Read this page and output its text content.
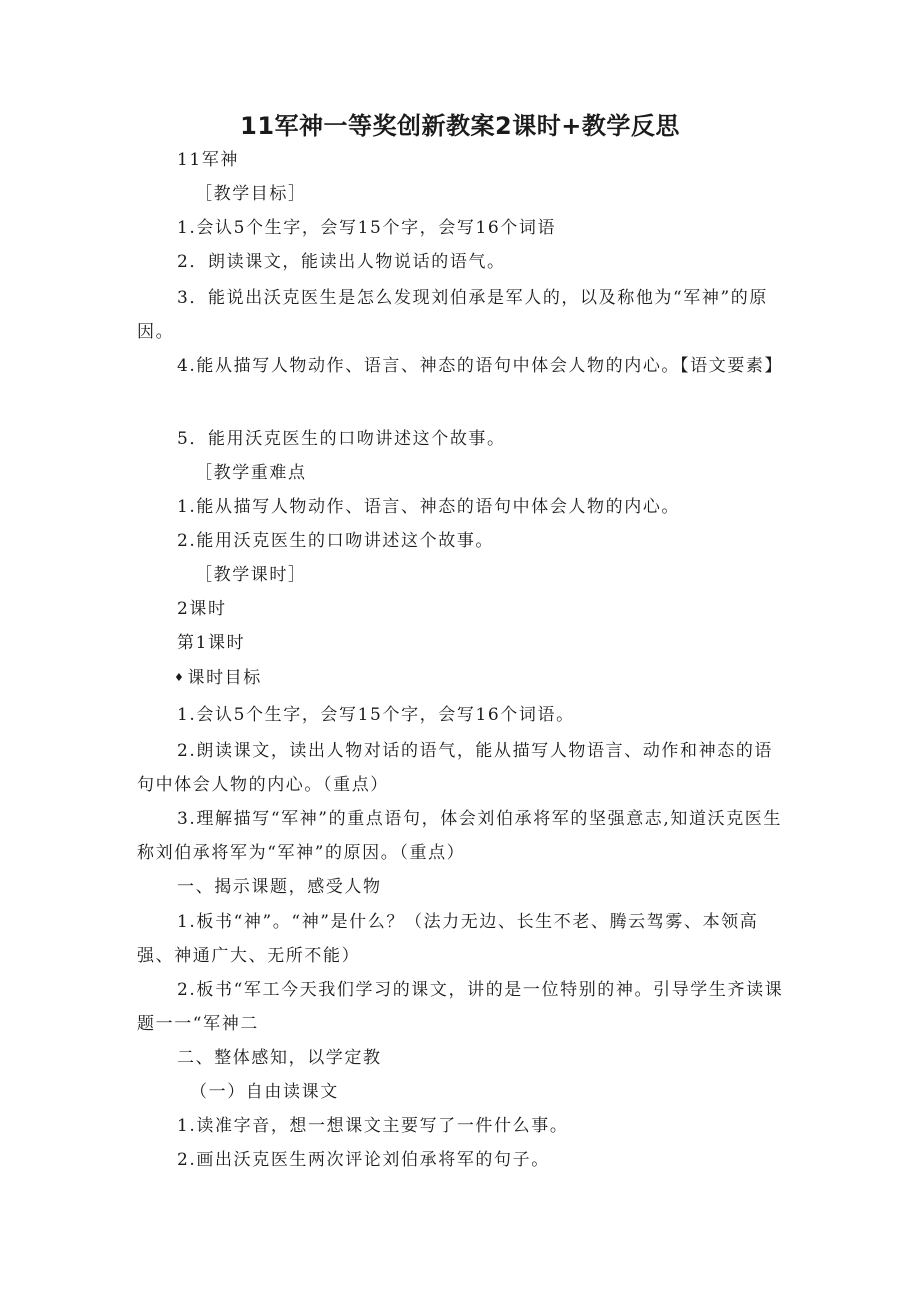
11军神一等奖创新教案2课时+教学反思
11军神
［教学目标］
1.会认5个生字，会写15个字，会写16个词语
2．朗读课文，能读出人物说话的语气。
3．能说出沃克医生是怎么发现刘伯承是军人的，以及称他为“军神”的原因。
4.能从描写人物动作、语言、神态的语句中体会人物的内心。【语文要素】
5．能用沃克医生的口吻讲述这个故事。
［教学重难点
1.能从描写人物动作、语言、神态的语句中体会人物的内心。
2.能用沃克医生的口吻讲述这个故事。
［教学课时］
2课时
第1课时
♦ 课时目标
1.会认5个生字，会写15个字，会写16个词语。
2.朗读课文，读出人物对话的语气，能从描写人物语言、动作和神态的语句中体会人物的内心。（重点）
3.理解描写“军神”的重点语句，体会刘伯承将军的坚强意志,知道沃克医生称刘伯承将军为“军神”的原因。（重点）
一、揭示课题，感受人物
1.板书“神”。“神”是什么？（法力无边、长生不老、腾云驾雾、本领高强、神通广大、无所不能）
2.板书“军工今天我们学习的课文，讲的是一位特别的神。引导学生齐读课题一一“军神二
二、整体感知，以学定教
（一）自由读课文
1.读准字音，想一想课文主要写了一件什么事。
2.画出沃克医生两次评论刘伯承将军的句子。
